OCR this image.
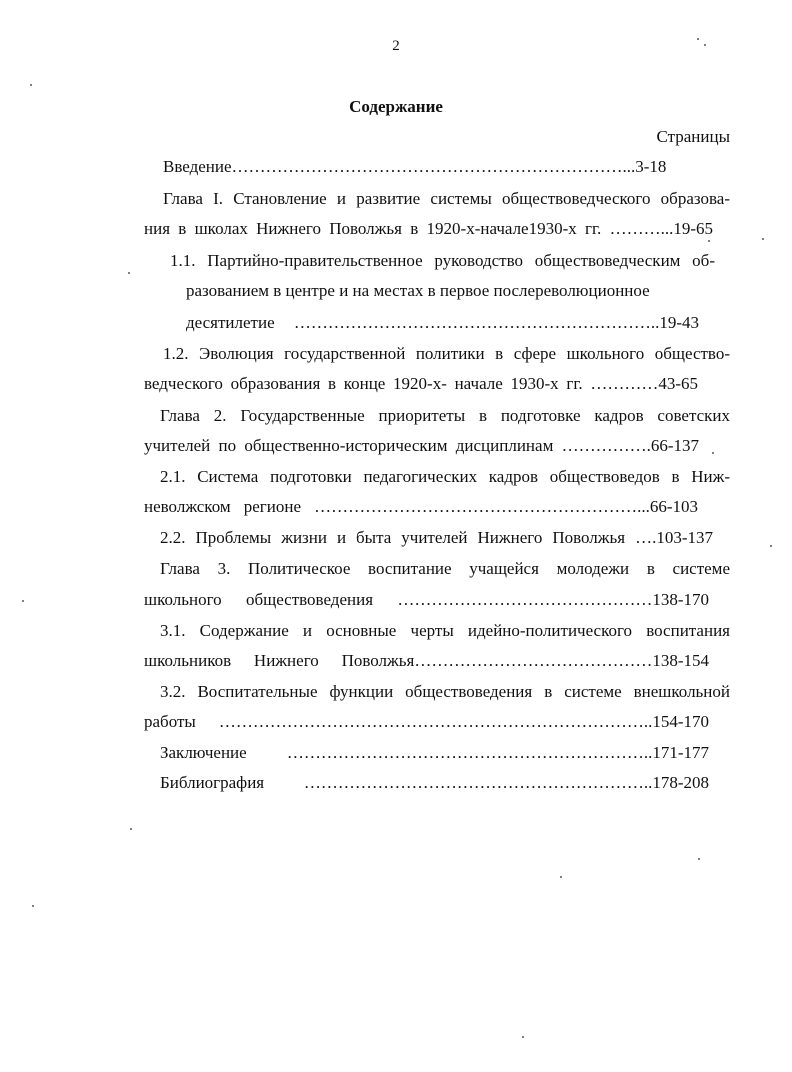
2
Содержание
Страницы
Введение……………………………………………………………...3-18
Глава I. Становление и развитие системы обществоведческого образова-
ния в школах Нижнего Поволжья в 1920-х-начале1930-х гг. ………...19-65
1.1. Партийно-правительственное руководство обществоведческим об-
разованием в центре и на местах в первое послереволюционное
десятилетие ………………………………………………………..19-43
1.2. Эволюция государственной политики в сфере школьного общество-
ведческого образования в конце 1920-х- начале 1930-х гг. …………43-65
Глава 2. Государственные приоритеты в подготовке кадров советских
учителей по общественно-историческим дисциплинам …………….66-137
2.1. Система подготовки педагогических кадров обществоведов в Ниж-
неволжском регионе …………………………………………………...66-103
2.2. Проблемы жизни и быта учителей Нижнего Поволжья ….103-137
Глава 3. Политическое воспитание учащейся молодежи в системе
школьного обществоведения ………………………………………138-170
3.1. Содержание и основные черты идейно-политического воспитания
школьников Нижнего Поволжья……………………………………138-154
3.2. Воспитательные функции обществоведения в системе внешкольной
работы …………………………………………………………………..154-170
Заключение ………………………………………………………..171-177
Библиография ……………………………………………………..178-208
